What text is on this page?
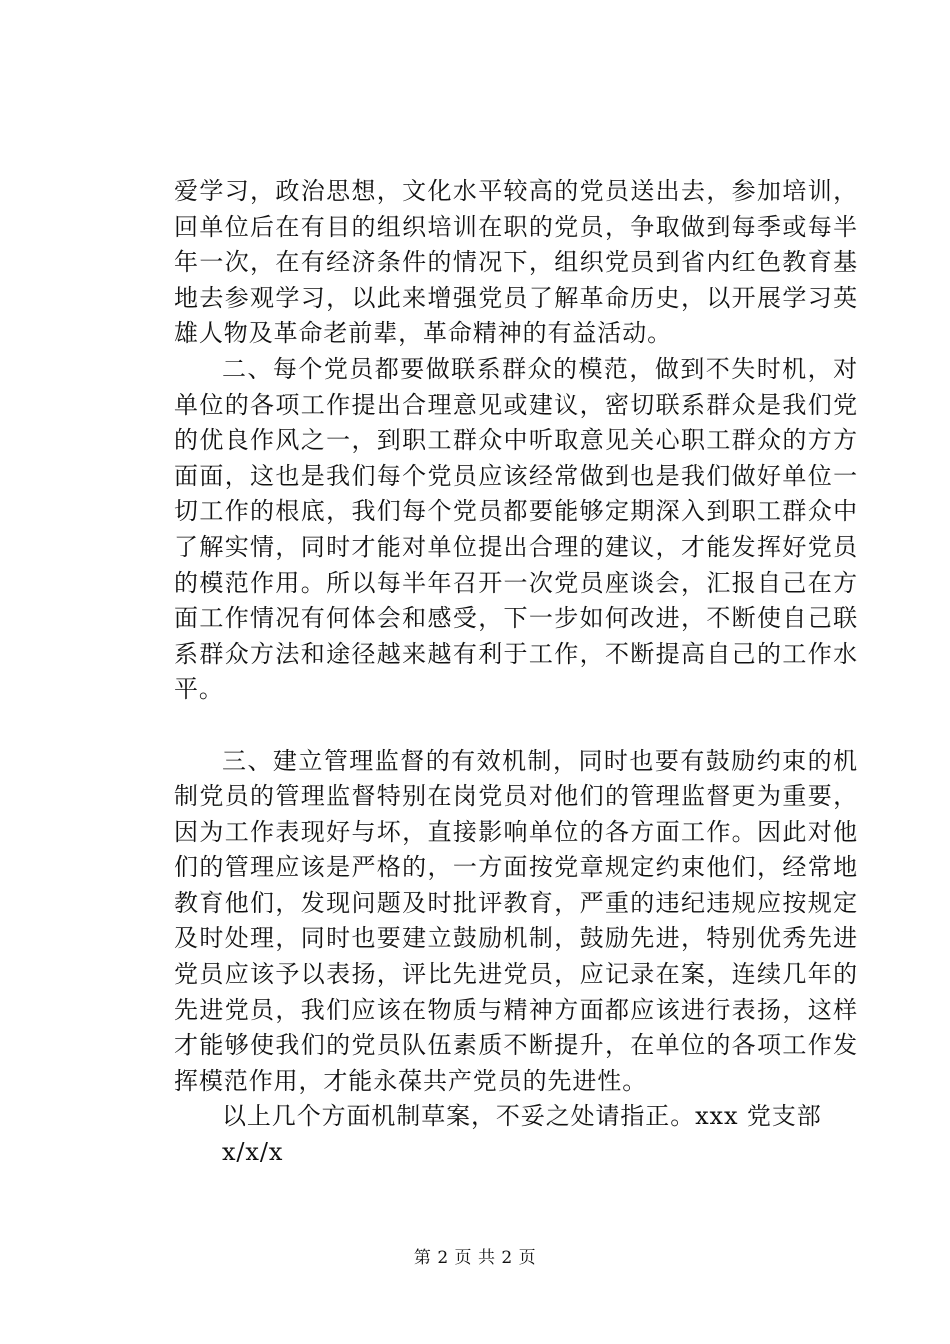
爱学习，政治思想，文化水平较高的党员送出去，参加培训，回单位后在有目的组织培训在职的党员，争取做到每季或每半年一次，在有经济条件的情况下，组织党员到省内红色教育基地去参观学习，以此来增强党员了解革命历史，以开展学习英雄人物及革命老前辈，革命精神的有益活动。

二、每个党员都要做联系群众的模范，做到不失时机，对单位的各项工作提出合理意见或建议，密切联系群众是我们党的优良作风之一，到职工群众中听取意见关心职工群众的方方面面，这也是我们每个党员应该经常做到也是我们做好单位一切工作的根底，我们每个党员都要能够定期深入到职工群众中了解实情，同时才能对单位提出合理的建议，才能发挥好党员的模范作用。所以每半年召开一次党员座谈会，汇报自己在方面工作情况有何体会和感受，下一步如何改进，不断使自己联系群众方法和途径越来越有利于工作，不断提高自己的工作水平。

三、建立管理监督的有效机制，同时也要有鼓励约束的机制党员的管理监督特别在岗党员对他们的管理监督更为重要，因为工作表现好与坏，直接影响单位的各方面工作。因此对他们的管理应该是严格的，一方面按党章规定约束他们，经常地教育他们，发现问题及时批评教育，严重的违纪违规应按规定及时处理，同时也要建立鼓励机制，鼓励先进，特别优秀先进党员应该予以表扬，评比先进党员，应记录在案，连续几年的先进党员，我们应该在物质与精神方面都应该进行表扬，这样才能够使我们的党员队伍素质不断提升，在单位的各项工作发挥模范作用，才能永葆共产党员的先进性。

以上几个方面机制草案，不妥之处请指正。xxx 党支部

x/x/x

第 2 页 共 2 页
